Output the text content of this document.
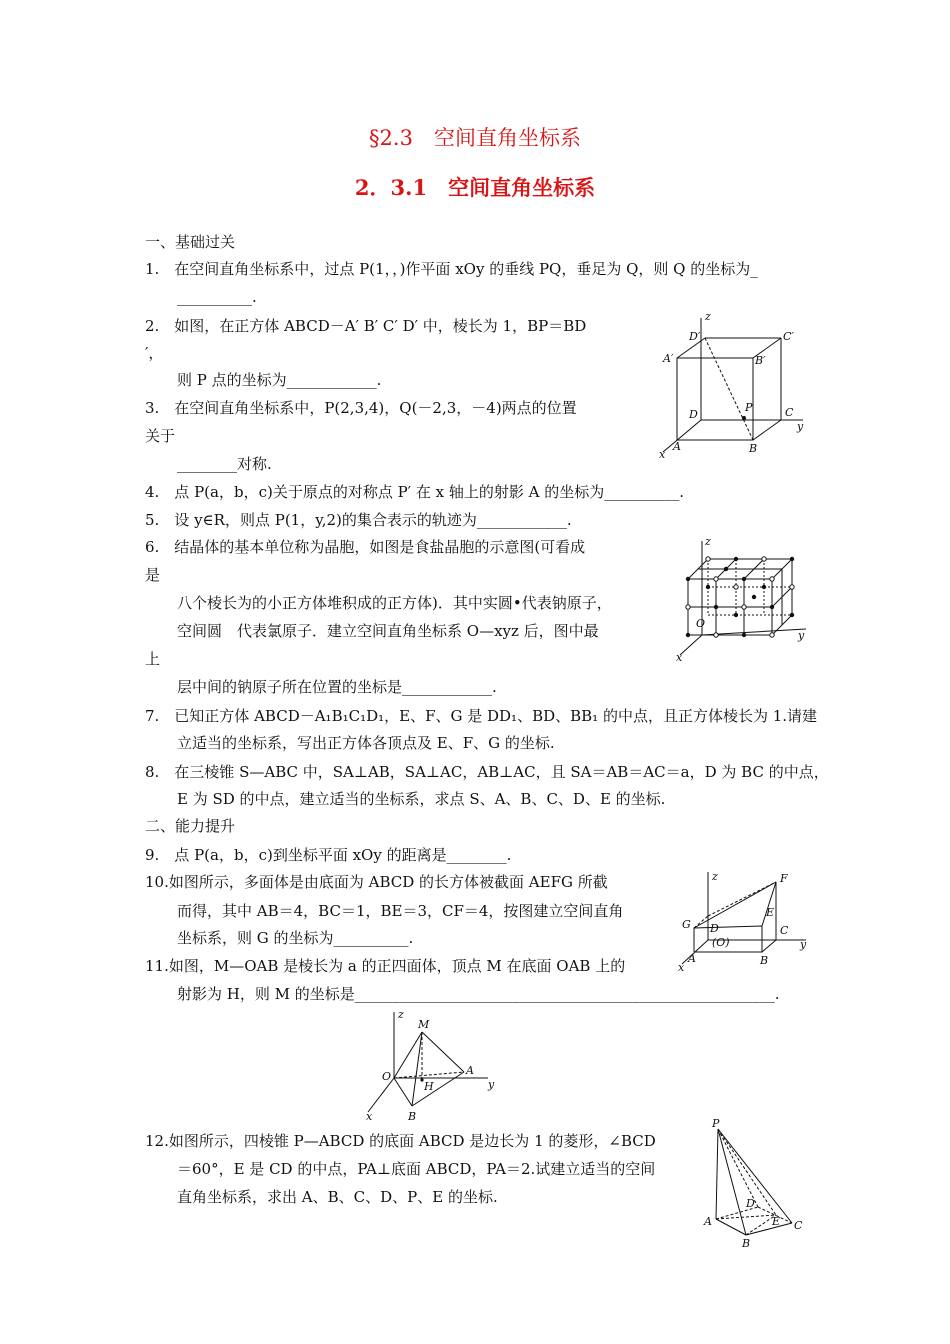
§2.3　空间直角坐标系
2．3.1　空间直角坐标系
一、基础过关
1.　在空间直角坐标系中，过点 P(1，，)作平面 xOy 的垂线 PQ，垂足为 Q，则 Q 的坐标为_
__________.
2.　如图，在正方体 ABCD－A′ B′ C′ D′ 中，棱长为 1，BP＝BD
′，
则 P 点的坐标为____________.
3.　在空间直角坐标系中，P(2,3,4)，Q(－2,3，－4)两点的位置
关于
________对称.
4.　点 P(a，b，c)关于原点的对称点 P′ 在 x 轴上的射影 A 的坐标为__________.
5.　设 y∈R，则点 P(1，y,2)的集合表示的轨迹为____________.
6.　结晶体的基本单位称为晶胞，如图是食盐晶胞的示意图(可看成
是
八个棱长为的小正方体堆积成的正方体)．其中实圆•代表钠原子，
空间圆　代表氯原子．建立空间直角坐标系 O—xyz 后，图中最
上
层中间的钠原子所在位置的坐标是____________.
7.　已知正方体 ABCD－A₁B₁C₁D₁，E、F、G 是 DD₁、BD、BB₁ 的中点，且正方体棱长为 1.请建
立适当的坐标系，写出正方体各顶点及 E、F、G 的坐标.
8.　在三棱锥 S—ABC 中，SA⊥AB，SA⊥AC，AB⊥AC，且 SA＝AB＝AC＝a，D 为 BC 的中点，
E 为 SD 的中点，建立适当的坐标系，求点 S、A、B、C、D、E 的坐标.
二、能力提升
9.　点 P(a，b，c)到坐标平面 xOy 的距离是________.
10.如图所示，多面体是由底面为 ABCD 的长方体被截面 AEFG 所截
而得，其中 AB＝4，BC＝1，BE＝3，CF＝4，按图建立空间直角
坐标系，则 G 的坐标为__________.
11.如图，M—OAB 是棱长为 a 的正四面体，顶点 M 在底面 OAB 上的
射影为 H，则 M 的坐标是________________________________________________________.
12.如图所示，四棱锥 P—ABCD 的底面 ABCD 是边长为 1 的菱形，∠BCD
＝60°，E 是 CD 的中点，PA⊥底面 ABCD，PA＝2.试建立适当的空间
直角坐标系，求出 A、B、C、D、P、E 的坐标.
z
y
x
D′	C′
A′	B′
D
P	C
A	B
z
y
x
O
z	F
E
G D
(O)
C
y
A
x
B
z
M
O	A
H	y
x	B
P
D
A	E C
B
